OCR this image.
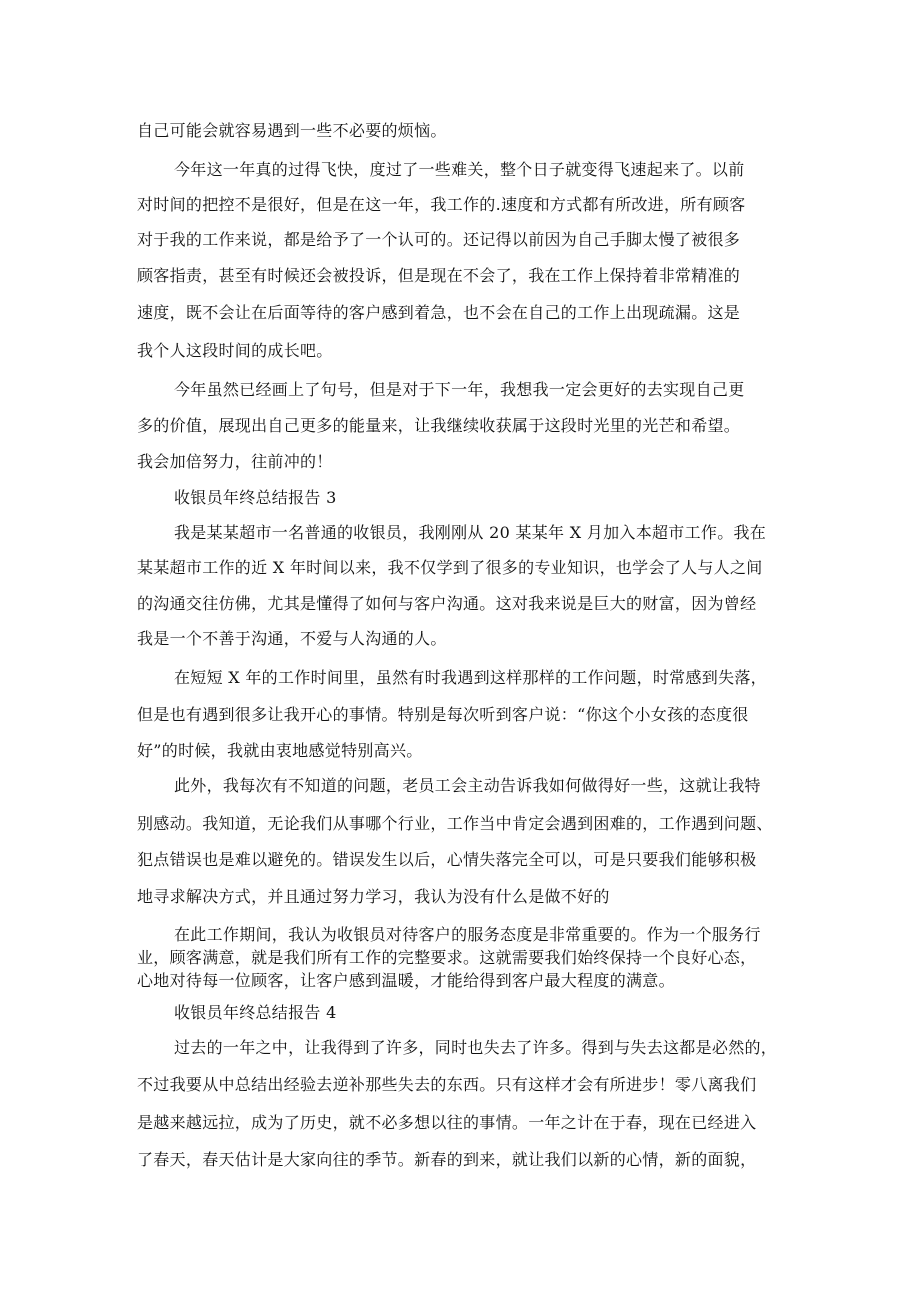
自己可能会就容易遇到一些不必要的烦恼。
今年这一年真的过得飞快，度过了一些难关，整个日子就变得飞速起来了。以前
对时间的把控不是很好，但是在这一年，我工作的.速度和方式都有所改进，所有顾客
对于我的工作来说，都是给予了一个认可的。还记得以前因为自己手脚太慢了被很多
顾客指责，甚至有时候还会被投诉，但是现在不会了，我在工作上保持着非常精准的
速度，既不会让在后面等待的客户感到着急，也不会在自己的工作上出现疏漏。这是
我个人这段时间的成长吧。
今年虽然已经画上了句号，但是对于下一年，我想我一定会更好的去实现自己更
多的价值，展现出自己更多的能量来，让我继续收获属于这段时光里的光芒和希望。
我会加倍努力，往前冲的！
收银员年终总结报告 3
我是某某超市一名普通的收银员，我刚刚从 20 某某年 X 月加入本超市工作。我在
某某超市工作的近 X 年时间以来，我不仅学到了很多的专业知识，也学会了人与人之间
的沟通交往仿佛，尤其是懂得了如何与客户沟通。这对我来说是巨大的财富，因为曾经
我是一个不善于沟通，不爱与人沟通的人。
在短短 X 年的工作时间里，虽然有时我遇到这样那样的工作问题，时常感到失落，
但是也有遇到很多让我开心的事情。特别是每次听到客户说：“你这个小女孩的态度很
好”的时候，我就由衷地感觉特别高兴。
此外，我每次有不知道的问题，老员工会主动告诉我如何做得好一些，这就让我特
别感动。我知道，无论我们从事哪个行业，工作当中肯定会遇到困难的，工作遇到问题、
犯点错误也是难以避免的。错误发生以后，心情失落完全可以，可是只要我们能够积极
地寻求解决方式，并且通过努力学习，我认为没有什么是做不好的
在此工作期间，我认为收银员对待客户的服务态度是非常重要的。作为一个服务行
业，顾客满意，就是我们所有工作的完整要求。这就需要我们始终保持一个良好心态，
心地对待每一位顾客，让客户感到温暖，才能给得到客户最大程度的满意。
收银员年终总结报告 4
过去的一年之中，让我得到了许多，同时也失去了许多。得到与失去这都是必然的，
不过我要从中总结出经验去逆补那些失去的东西。只有这样才会有所进步！零八离我们
是越来越远拉，成为了历史，就不必多想以往的事情。一年之计在于春，现在已经进入
了春天，春天估计是大家向往的季节。新春的到来，就让我们以新的心情，新的面貌，
